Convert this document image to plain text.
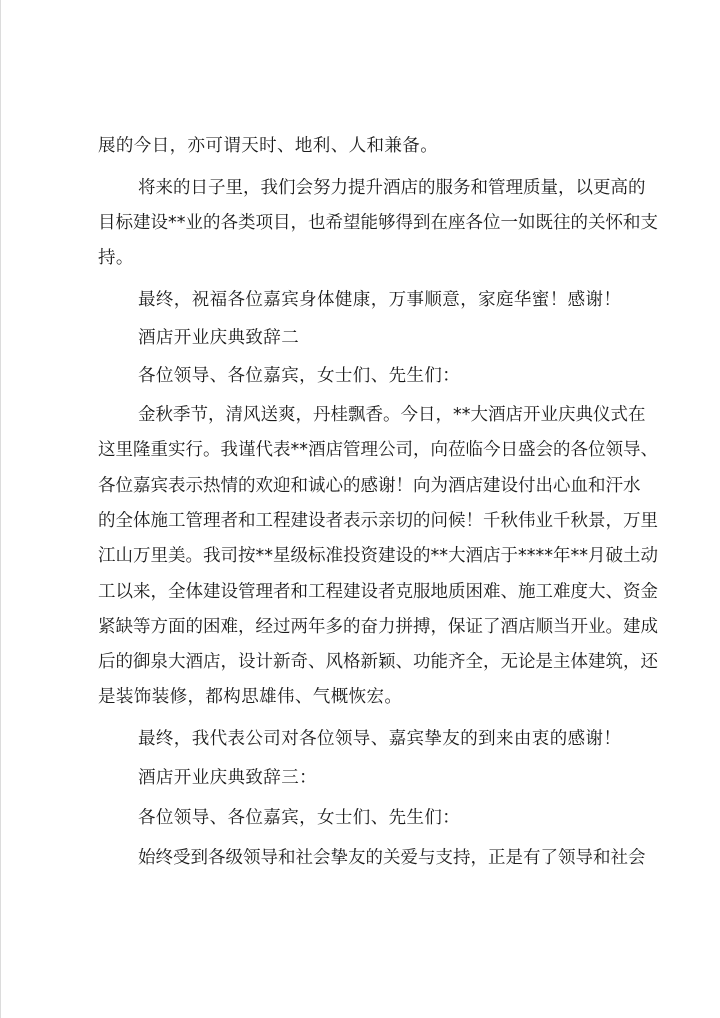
展的今日，亦可谓天时、地利、人和兼备。
将来的日子里，我们会努力提升酒店的服务和管理质量，以更高的
目标建设**业的各类项目，也希望能够得到在座各位一如既往的关怀和支
持。
最终，祝福各位嘉宾身体健康，万事顺意，家庭华蜜！感谢！
酒店开业庆典致辞二
各位领导、各位嘉宾，女士们、先生们：
金秋季节，清风送爽，丹桂飘香。今日，**大酒店开业庆典仪式在
这里隆重实行。我谨代表**酒店管理公司，向莅临今日盛会的各位领导、
各位嘉宾表示热情的欢迎和诚心的感谢！向为酒店建设付出心血和汗水
的全体施工管理者和工程建设者表示亲切的问候！千秋伟业千秋景，万里
江山万里美。我司按**星级标准投资建设的**大酒店于****年**月破土动
工以来，全体建设管理者和工程建设者克服地质困难、施工难度大、资金
紧缺等方面的困难，经过两年多的奋力拼搏，保证了酒店顺当开业。建成
后的御泉大酒店，设计新奇、风格新颖、功能齐全，无论是主体建筑，还
是装饰装修，都构思雄伟、气概恢宏。
最终，我代表公司对各位领导、嘉宾挚友的到来由衷的感谢！
酒店开业庆典致辞三：
各位领导、各位嘉宾，女士们、先生们：
始终受到各级领导和社会挚友的关爱与支持，正是有了领导和社会
